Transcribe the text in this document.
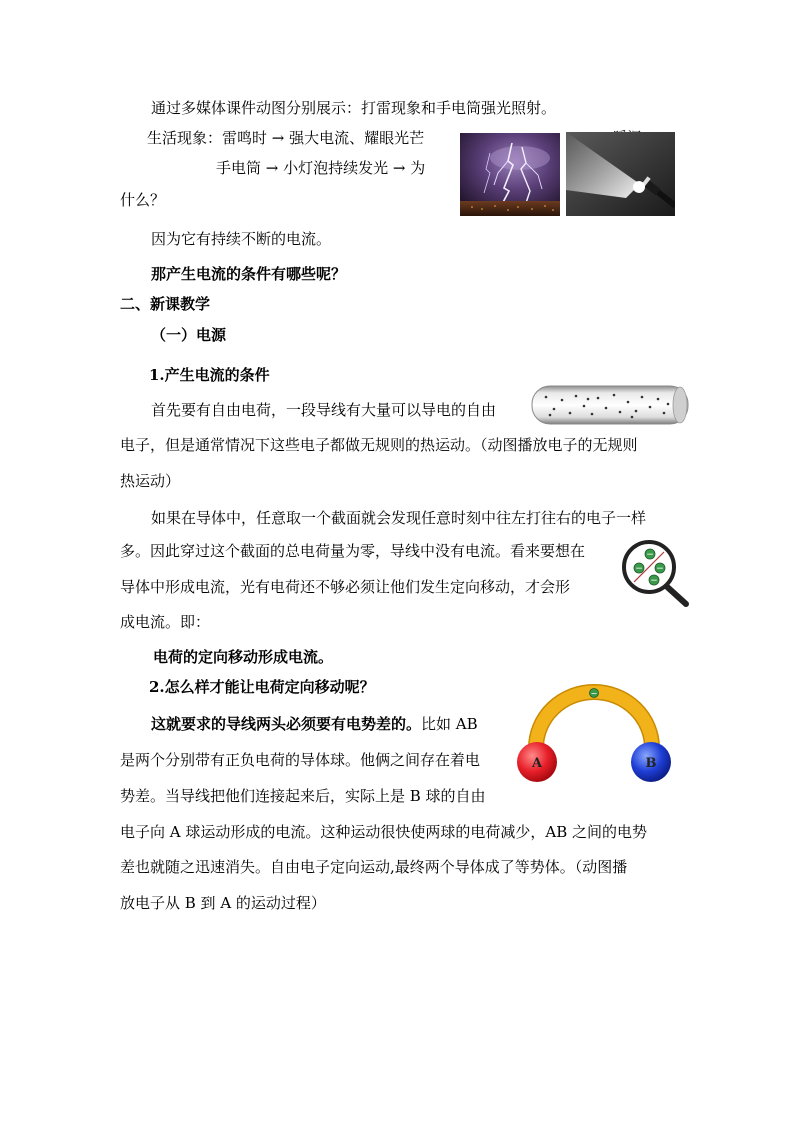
通过多媒体课件动图分别展示：打雷现象和手电筒强光照射。
生活现象：雷鸣时 → 强大电流、耀眼光芒
手电筒 → 小灯泡持续发光 → 为
什么？
因为它有持续不断的电流。
那产生电流的条件有哪些呢？
二、新课教学
（一）电源
1.产生电流的条件
首先要有自由电荷，一段导线有大量可以导电的自由
电子，但是通常情况下这些电子都做无规则的热运动。（动图播放电子的无规则
热运动）
如果在导体中，任意取一个截面就会发现任意时刻中往左打往右的电子一样
多。因此穿过这个截面的总电荷量为零，导线中没有电流。看来要想在
导体中形成电流，光有电荷还不够必须让他们发生定向移动，才会形
成电流。即：
−
− −
−
电荷的定向移动形成电流。
2.怎么样才能让电荷定向移动呢？
这就要求的导线两头必须要有电势差的。比如 AB
是两个分别带有正负电荷的导体球。他俩之间存在着电
势差。当导线把他们连接起来后，实际上是 B 球的自由
电子向 A 球运动形成的电流。这种运动很快使两球的电荷减少，AB 之间的电势
差也就随之迅速消失。自由电子定向运动,最终两个导体成了等势体。（动图播
放电子从 B 到 A 的运动过程）
−
A	B
